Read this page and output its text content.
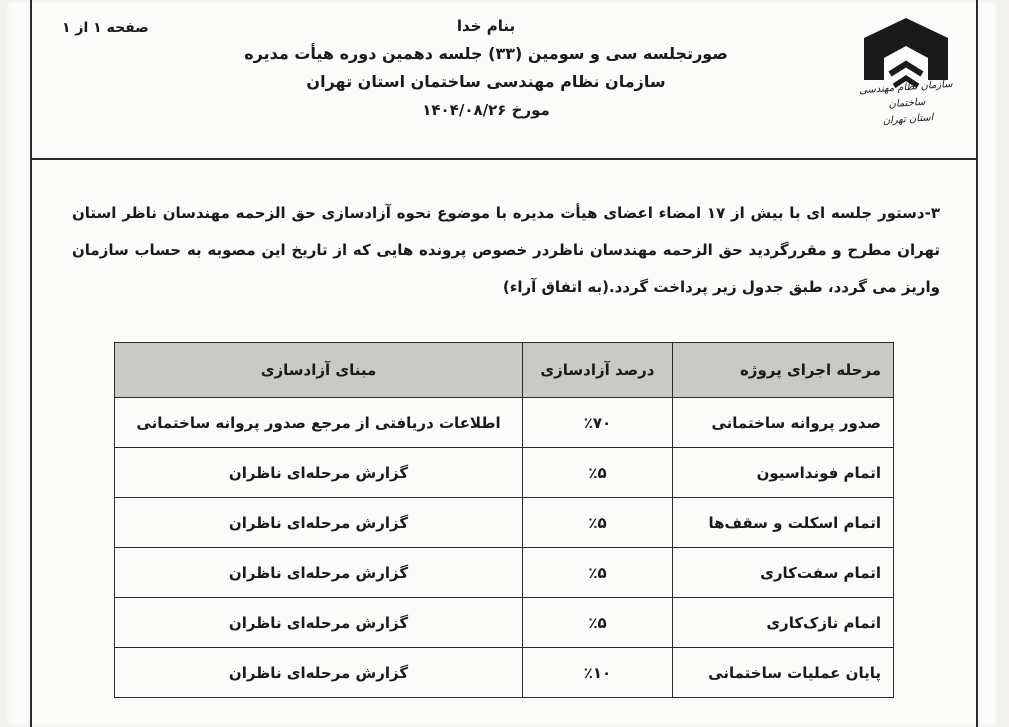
صفحه ۱ از ۱	بنام خدا
صورتجلسه سی و سومین (۳۳) جلسه دهمین دوره هیأت مدیره
سازمان نظام مهندسی ساختمان استان تهران
مورخ ۱۴۰۴/۰۸/۲۶
سازمان نظام مهندسی ساختمان
استان تهران
۳-دستور جلسه ای با بیش از ۱۷ امضاء اعضای هیأت مدیره با موضوع نحوه آزادسازی حق الزحمه مهندسان ناظر استان تهران مطرح و مقررگردید حق الزحمه مهندسان ناظردر خصوص پرونده هایی که از تاریخ این مصوبه به حساب سازمان واریز می گردد، طبق جدول زیر پرداخت گردد.(به اتفاق آراء)
مرحله اجرای پروژه	درصد آزادسازی	مبنای آزادسازی
صدور پروانه ساختمانی	٪۷۰	اطلاعات دریافتی از مرجع صدور پروانه ساختمانی
اتمام فونداسیون	٪۵	گزارش مرحله‌ای ناظران
اتمام اسکلت و سقف‌ها	٪۵	گزارش مرحله‌ای ناظران
اتمام سفت‌کاری	٪۵	گزارش مرحله‌ای ناظران
اتمام نازک‌کاری	٪۵	گزارش مرحله‌ای ناظران
پایان عملیات ساختمانی	٪۱۰	گزارش مرحله‌ای ناظران
